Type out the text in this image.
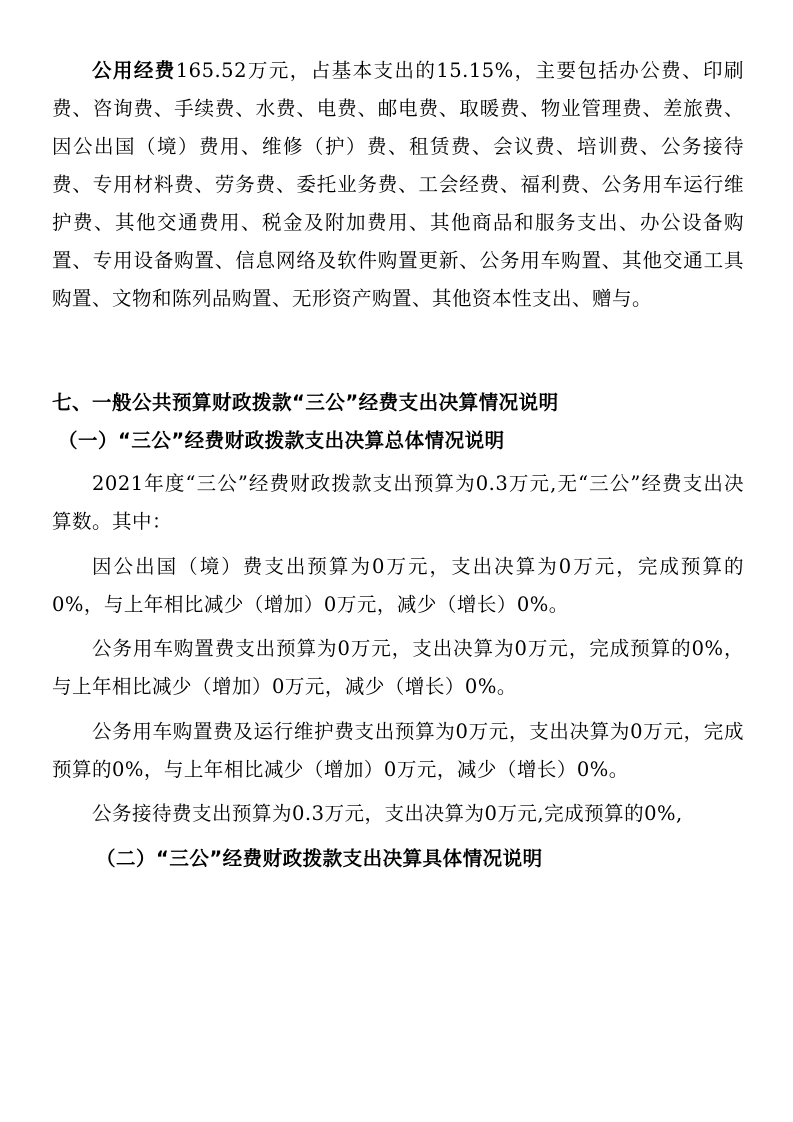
公用经费165.52万元，占基本支出的15.15%，主要包括办公费、印刷费、咨询费、手续费、水费、电费、邮电费、取暖费、物业管理费、差旅费、因公出国（境）费用、维修（护）费、租赁费、会议费、培训费、公务接待费、专用材料费、劳务费、委托业务费、工会经费、福利费、公务用车运行维护费、其他交通费用、税金及附加费用、其他商品和服务支出、办公设备购置、专用设备购置、信息网络及软件购置更新、公务用车购置、其他交通工具购置、文物和陈列品购置、无形资产购置、其他资本性支出、赠与。

七、一般公共预算财政拨款“三公”经费支出决算情况说明

（一）“三公”经费财政拨款支出决算总体情况说明

2021年度“三公”经费财政拨款支出预算为0.3万元,无“三公”经费支出决算数。其中：

因公出国（境）费支出预算为0万元，支出决算为0万元，完成预算的0%，与上年相比减少（增加）0万元，减少（增长）0%。

公务用车购置费支出预算为0万元，支出决算为0万元，完成预算的0%，与上年相比减少（增加）0万元，减少（增长）0%。

公务用车购置费及运行维护费支出预算为0万元，支出决算为0万元，完成预算的0%，与上年相比减少（增加）0万元，减少（增长）0%。

公务接待费支出预算为0.3万元，支出决算为0万元,完成预算的0%,

（二）“三公”经费财政拨款支出决算具体情况说明
